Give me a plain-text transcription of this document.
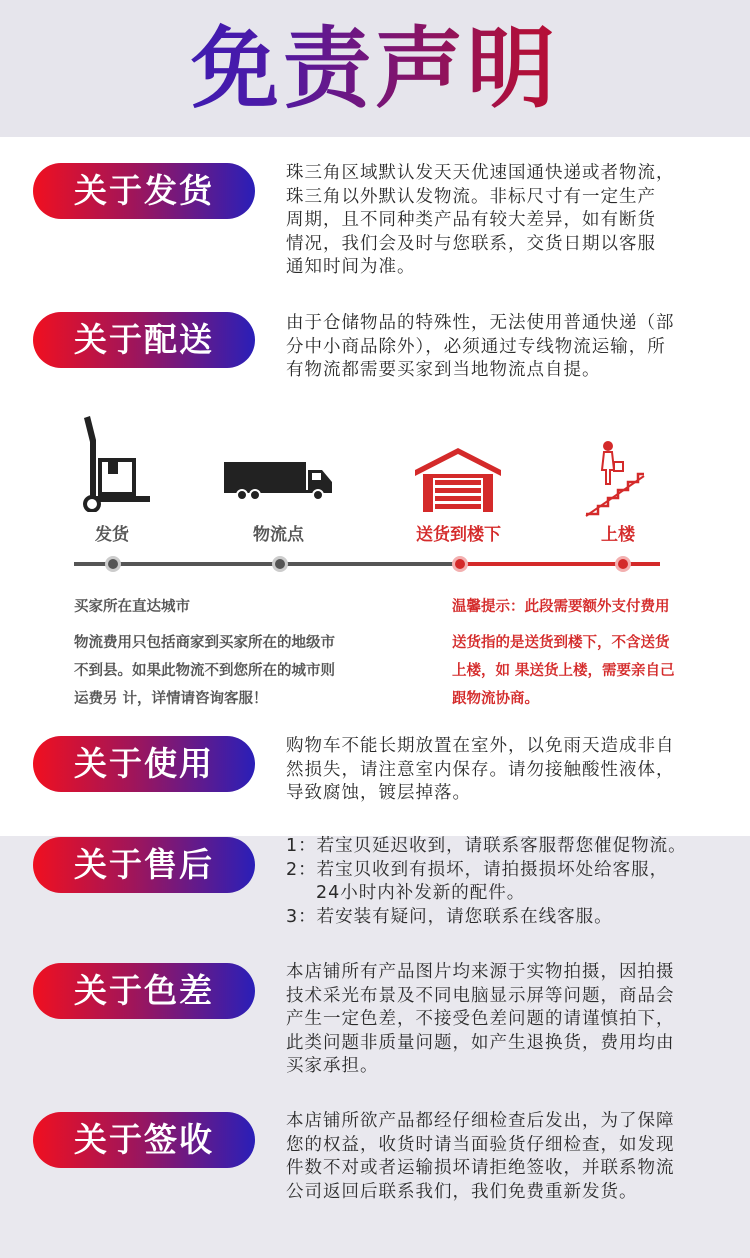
免责声明
关于发货	珠三角区域默认发天天优速国通快递或者物流，
珠三角以外默认发物流。非标尺寸有一定生产
周期，且不同种类产品有较大差异，如有断货
情况，我们会及时与您联系，交货日期以客服
通知时间为准。
关于配送	由于仓储物品的特殊性，无法使用普通快递（部
分中小商品除外），必须通过专线物流运输，所
有物流都需要买家到当地物流点自提。
发货	物流点	送货到楼下	上楼
买家所在直达城市
物流费用只包括商家到买家所在的地级市
不到县。如果此物流不到您所在的城市则
运费另 计，详情请咨询客服！
温馨提示：此段需要额外支付费用
送货指的是送货到楼下，不含送货
上楼，如 果送货上楼，需要亲自己
跟物流协商。
关于使用	购物车不能长期放置在室外，以免雨天造成非自
然损失，请注意室内保存。请勿接触酸性液体，
导致腐蚀，镀层掉落。
关于售后	1：若宝贝延迟收到，请联系客服帮您催促物流。
2：若宝贝收到有损坏，请拍摄损坏处给客服，
24小时内补发新的配件。
3：若安装有疑问，请您联系在线客服。
关于色差	本店铺所有产品图片均来源于实物拍摄，因拍摄
技术采光布景及不同电脑显示屏等问题，商品会
产生一定色差，不接受色差问题的请谨慎拍下，
此类问题非质量问题，如产生退换货，费用均由
买家承担。
关于签收	本店铺所欲产品都经仔细检查后发出，为了保障
您的权益，收货时请当面验货仔细检查，如发现
件数不对或者运输损坏请拒绝签收，并联系物流
公司返回后联系我们，我们免费重新发货。
